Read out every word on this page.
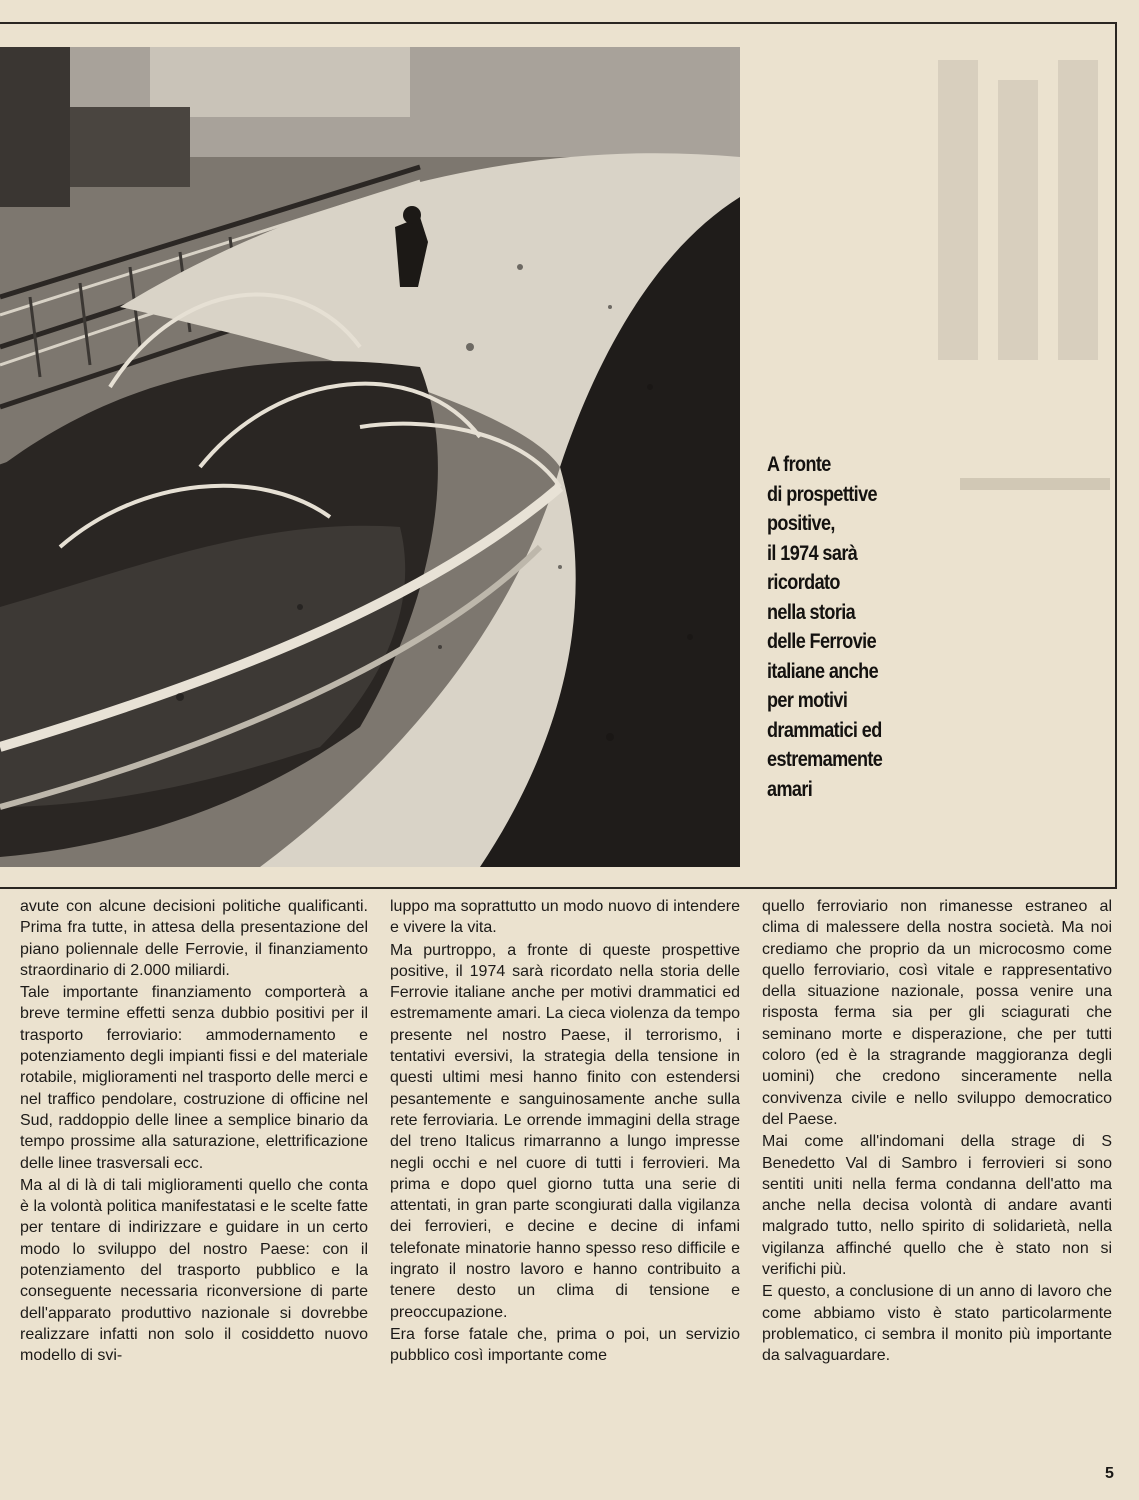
A fronte
di prospettive
positive,
il 1974 sarà
ricordato
nella storia
delle Ferrovie
italiane anche
per motivi
drammatici ed
estremamente
amari

avute con alcune decisioni politiche qualificanti. Prima fra tutte, in attesa della presentazione del piano poliennale delle Ferrovie, il finanziamento straordinario di 2.000 miliardi.

Tale importante finanziamento comporterà a breve termine effetti senza dubbio positivi per il trasporto ferroviario: ammodernamento e potenziamento degli impianti fissi e del materiale rotabile, miglioramenti nel trasporto delle merci e nel traffico pendolare, costruzione di officine nel Sud, raddoppio delle linee a semplice binario da tempo prossime alla saturazione, elettrificazione delle linee trasversali ecc.

Ma al di là di tali miglioramenti quello che conta è la volontà politica manifestatasi e le scelte fatte per tentare di indirizzare e guidare in un certo modo lo sviluppo del nostro Paese: con il potenziamento del trasporto pubblico e la conseguente necessaria riconversione di parte dell'apparato produttivo nazionale si dovrebbe realizzare infatti non solo il cosiddetto nuovo modello di svi-

luppo ma soprattutto un modo nuovo di intendere e vivere la vita.

Ma purtroppo, a fronte di queste prospettive positive, il 1974 sarà ricordato nella storia delle Ferrovie italiane anche per motivi drammatici ed estremamente amari. La cieca violenza da tempo presente nel nostro Paese, il terrorismo, i tentativi eversivi, la strategia della tensione in questi ultimi mesi hanno finito con estendersi pesantemente e sanguinosamente anche sulla rete ferroviaria. Le orrende immagini della strage del treno Italicus rimarranno a lungo impresse negli occhi e nel cuore di tutti i ferrovieri. Ma prima e dopo quel giorno tutta una serie di attentati, in gran parte scongiurati dalla vigilanza dei ferrovieri, e decine e decine di infami telefonate minatorie hanno spesso reso difficile e ingrato il nostro lavoro e hanno contribuito a tenere desto un clima di tensione e preoccupazione.

Era forse fatale che, prima o poi, un servizio pubblico così importante come

quello ferroviario non rimanesse estraneo al clima di malessere della nostra società. Ma noi crediamo che proprio da un microcosmo come quello ferroviario, così vitale e rappresentativo della situazione nazionale, possa venire una risposta ferma sia per gli sciagurati che seminano morte e disperazione, che per tutti coloro (ed è la stragrande maggioranza degli uomini) che credono sinceramente nella convivenza civile e nello sviluppo democratico del Paese.

Mai come all'indomani della strage di S Benedetto Val di Sambro i ferrovieri si sono sentiti uniti nella ferma condanna dell'atto ma anche nella decisa volontà di andare avanti malgrado tutto, nello spirito di solidarietà, nella vigilanza affinché quello che è stato non si verifichi più.

E questo, a conclusione di un anno di lavoro che come abbiamo visto è stato particolarmente problematico, ci sembra il monito più importante da salvaguardare.

5
